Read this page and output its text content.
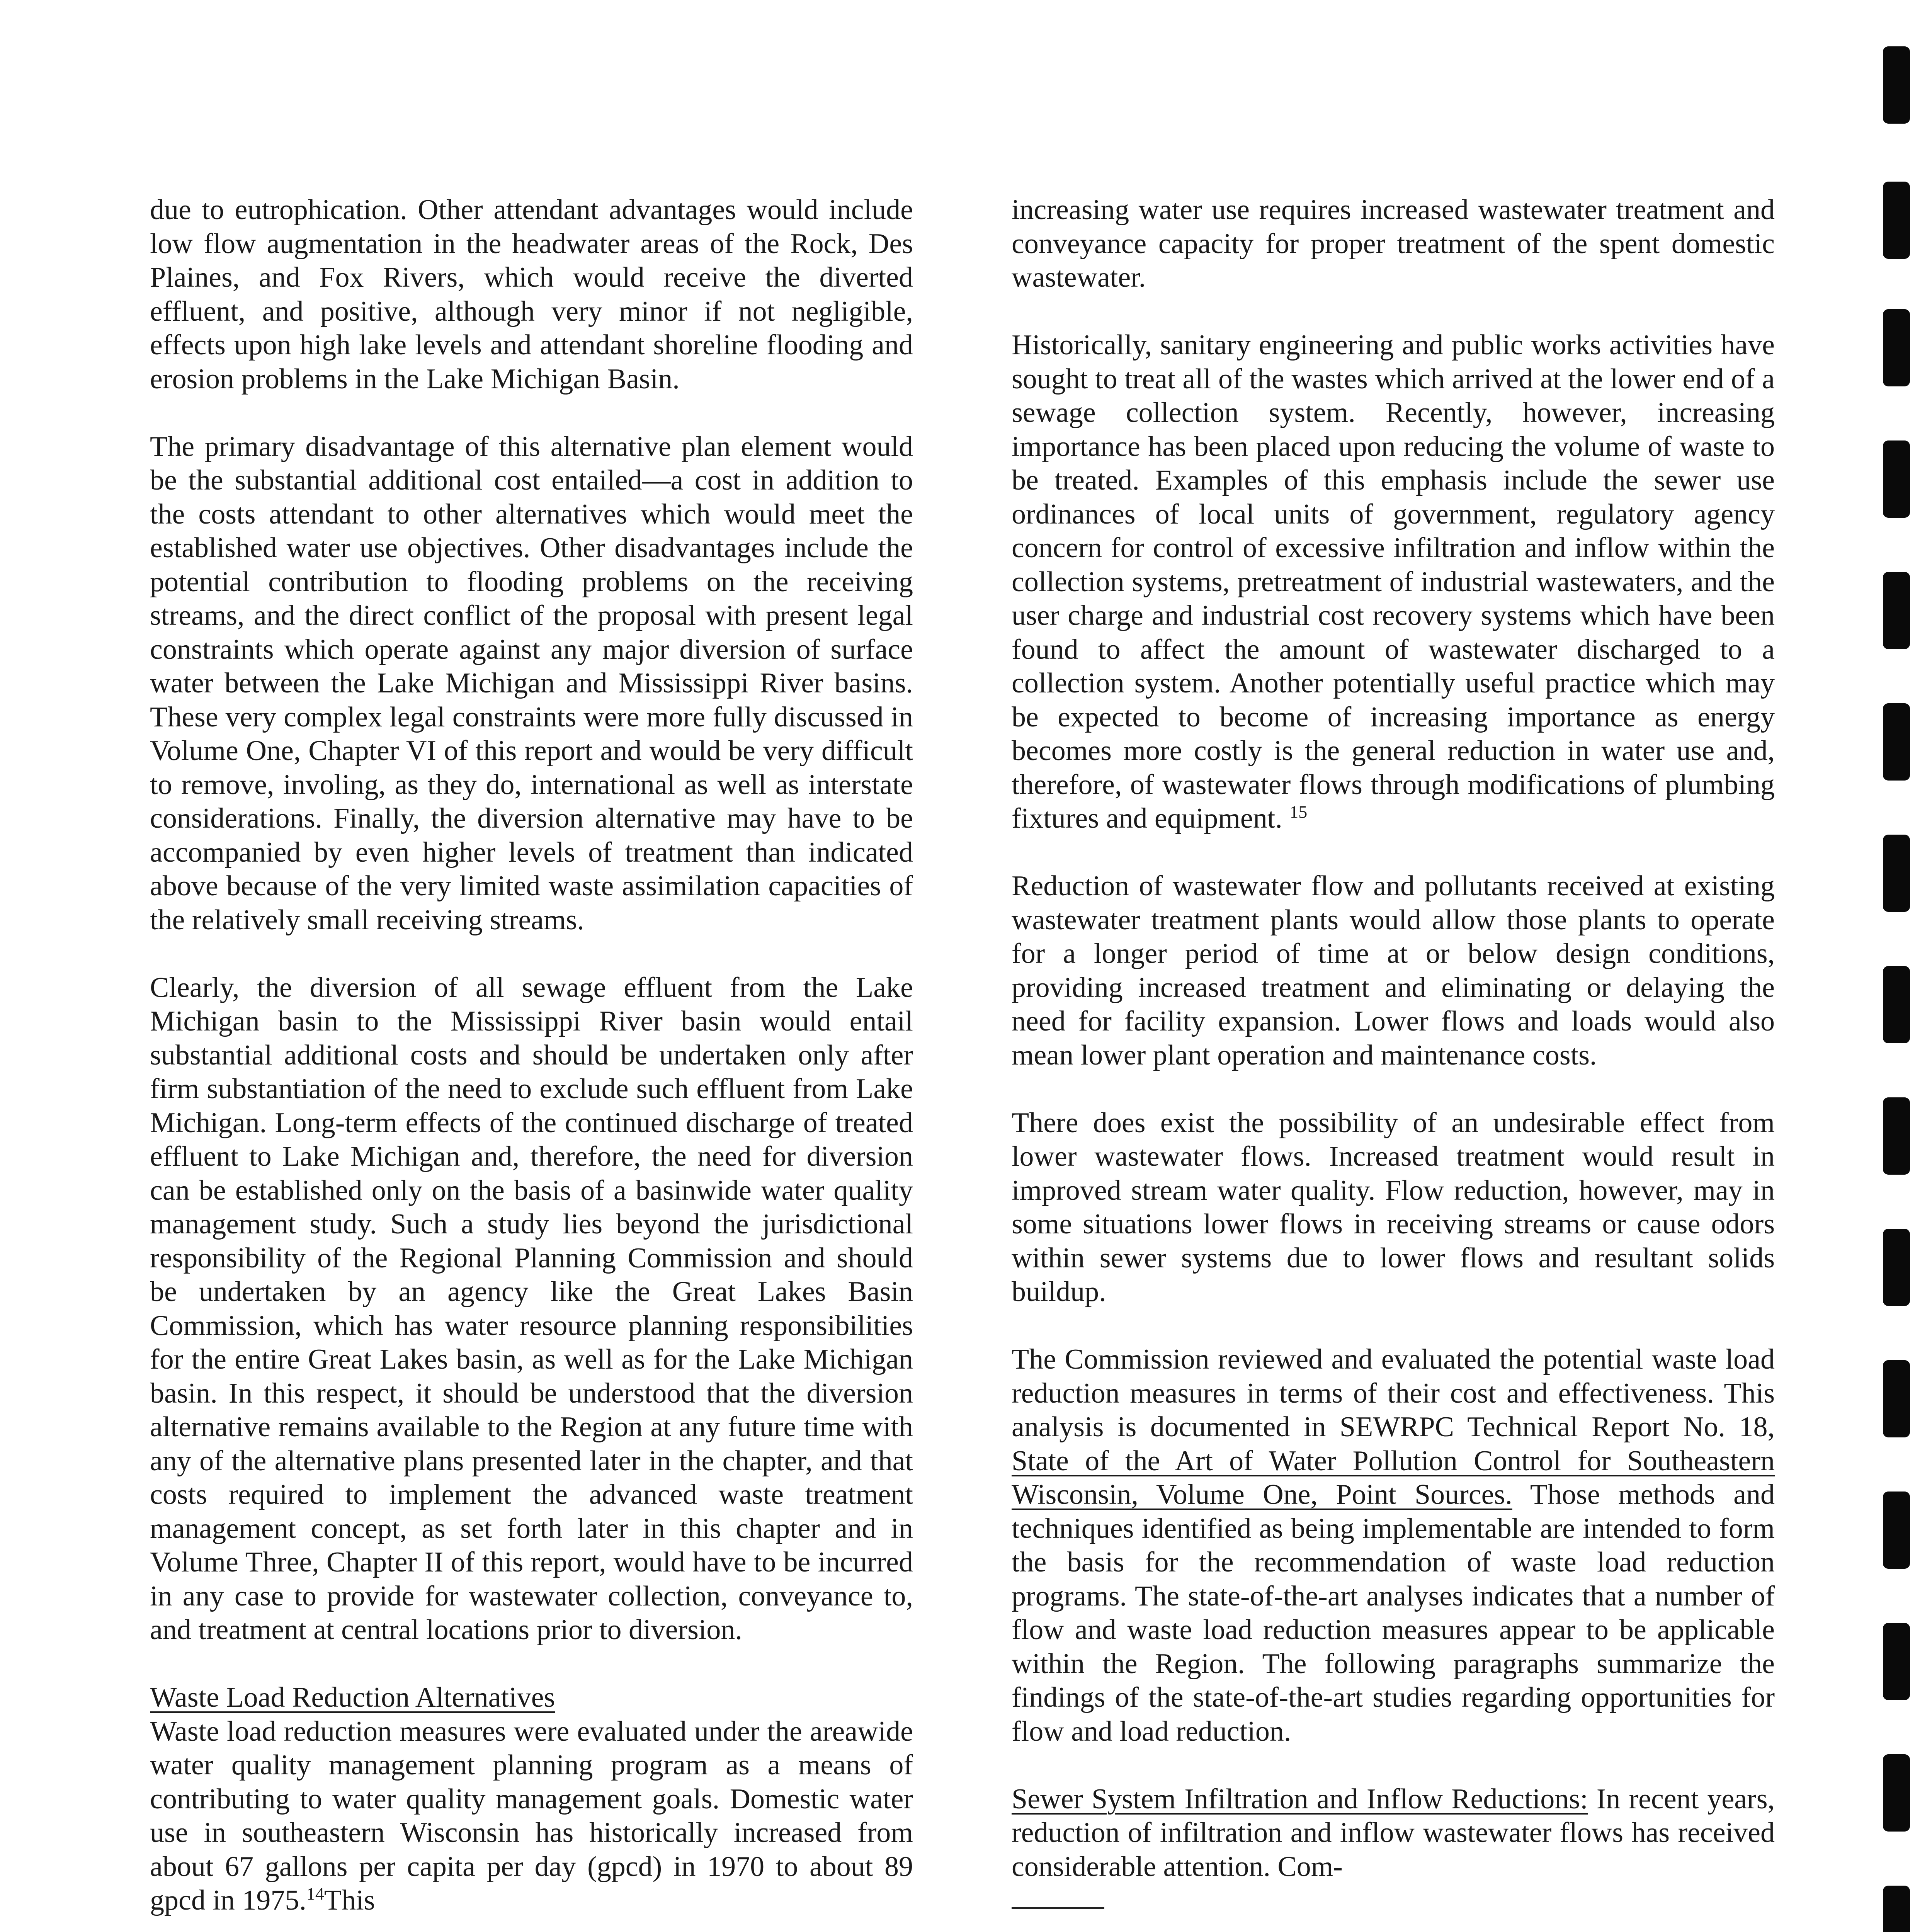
due to eutrophication. Other attendant advantages would include low flow augmentation in the headwater areas of the Rock, Des Plaines, and Fox Rivers, which would receive the diverted effluent, and positive, although very minor if not negligible, effects upon high lake levels and attendant shoreline flooding and erosion problems in the Lake Michigan Basin.

The primary disadvantage of this alternative plan element would be the substantial additional cost entailed—a cost in addition to the costs attendant to other alternatives which would meet the established water use objectives. Other disadvantages include the potential contribution to flooding problems on the receiving streams, and the direct conflict of the proposal with present legal constraints which operate against any major diversion of surface water between the Lake Michigan and Mississippi River basins. These very complex legal constraints were more fully discussed in Volume One, Chapter VI of this report and would be very difficult to remove, involing, as they do, international as well as interstate considerations. Finally, the diversion alternative may have to be accompanied by even higher levels of treatment than indicated above because of the very limited waste assimilation capacities of the relatively small receiving streams.

Clearly, the diversion of all sewage effluent from the Lake Michigan basin to the Mississippi River basin would entail substantial additional costs and should be undertaken only after firm substantiation of the need to exclude such effluent from Lake Michigan. Long-term effects of the continued discharge of treated effluent to Lake Michigan and, therefore, the need for diversion can be established only on the basis of a basinwide water quality management study. Such a study lies beyond the jurisdictional responsibility of the Regional Planning Commission and should be undertaken by an agency like the Great Lakes Basin Commission, which has water resource planning responsibilities for the entire Great Lakes basin, as well as for the Lake Michigan basin. In this respect, it should be understood that the diversion alternative remains available to the Region at any future time with any of the alternative plans presented later in the chapter, and that costs required to implement the advanced waste treatment management concept, as set forth later in this chapter and in Volume Three, Chapter II of this report, would have to be incurred in any case to provide for wastewater collection, conveyance to, and treatment at central locations prior to diversion.

Waste Load Reduction Alternatives

Waste load reduction measures were evaluated under the areawide water quality management planning program as a means of contributing to water quality management goals. Domestic water use in southeastern Wisconsin has historically increased from about 67 gallons per capita per day (gpcd) in 1970 to about 89 gpcd in 1975.14This

increasing water use requires increased wastewater treatment and conveyance capacity for proper treatment of the spent domestic wastewater.

Historically, sanitary engineering and public works activities have sought to treat all of the wastes which arrived at the lower end of a sewage collection system. Recently, however, increasing importance has been placed upon reducing the volume of waste to be treated. Examples of this emphasis include the sewer use ordinances of local units of government, regulatory agency concern for control of excessive infiltration and inflow within the collection systems, pretreatment of industrial wastewaters, and the user charge and industrial cost recovery systems which have been found to affect the amount of wastewater discharged to a collection system. Another potentially useful practice which may be expected to become of increasing importance as energy becomes more costly is the general reduction in water use and, therefore, of wastewater flows through modifications of plumbing fixtures and equipment. $^{15}$

Reduction of wastewater flow and pollutants received at existing wastewater treatment plants would allow those plants to operate for a longer period of time at or below design conditions, providing increased treatment and eliminating or delaying the need for facility expansion. Lower flows and loads would also mean lower plant operation and maintenance costs.

There does exist the possibility of an undesirable effect from lower wastewater flows. Increased treatment would result in improved stream water quality. Flow reduction, however, may in some situations lower flows in receiving streams or cause odors within sewer systems due to lower flows and resultant solids buildup.

The Commission reviewed and evaluated the potential waste load reduction measures in terms of their cost and effectiveness. This analysis is documented in SEWRPC Technical Report No. 18, State of the Art of Water Pollution Control for Southeastern Wisconsin, Volume One, Point Sources. Those methods and techniques identified as being implementable are intended to form the basis for the recommendation of waste load reduction programs. The state-of-the-art analyses indicates that a number of flow and waste load reduction measures appear to be applicable within the Region. The following paragraphs summarize the findings of the state-of-the-art studies regarding opportunities for flow and load reduction.

Sewer System Infiltration and Inflow Reductions: In recent years, reduction of infiltration and inflow wastewater flows has received considerable attention. Com-
